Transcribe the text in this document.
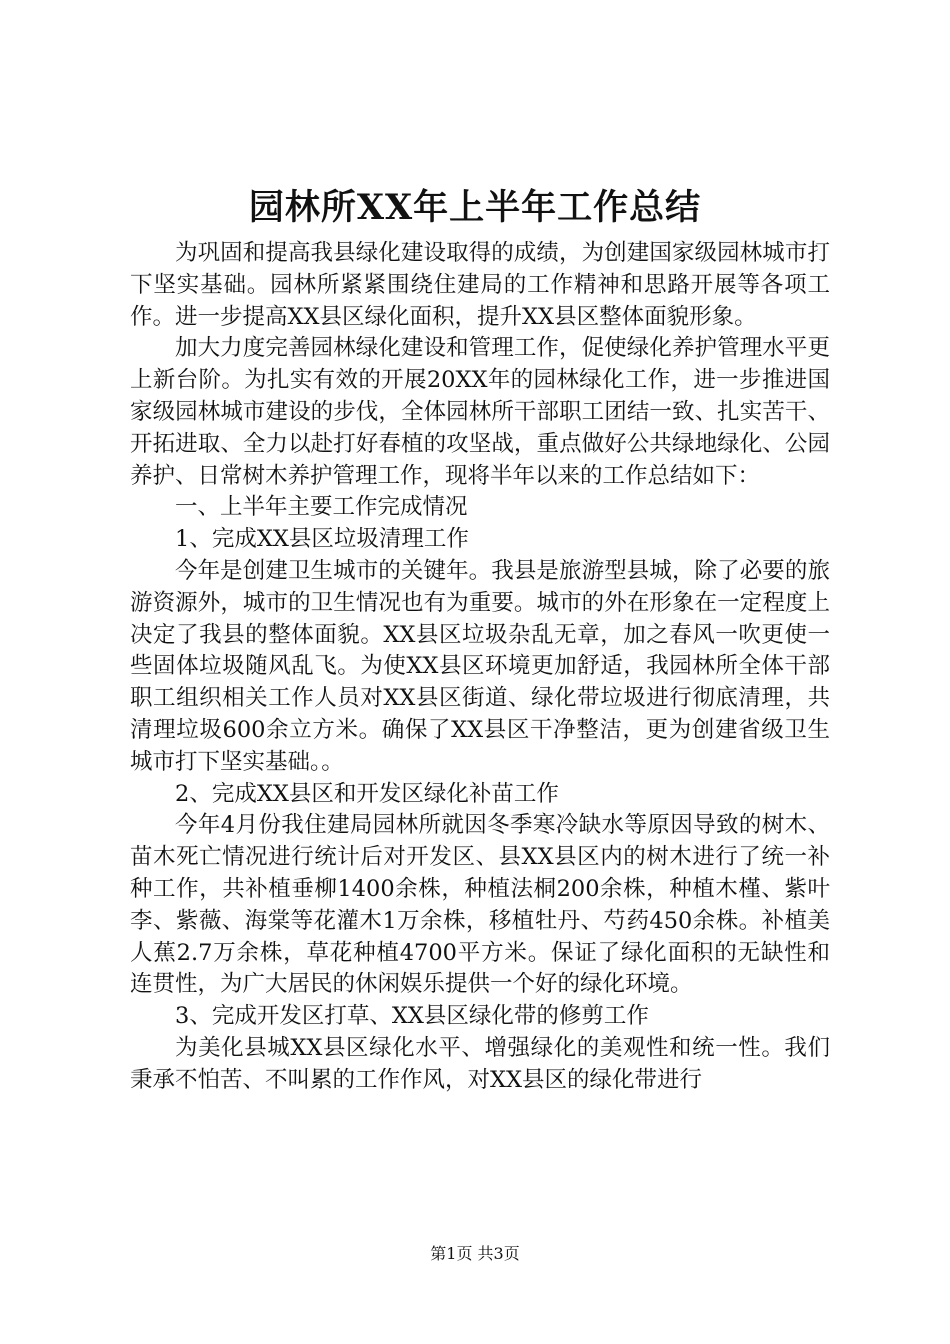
园林所XX年上半年工作总结

为巩固和提高我县绿化建设取得的成绩，为创建国家级园林城市打下坚实基础。园林所紧紧围绕住建局的工作精神和思路开展等各项工作。进一步提高XX县区绿化面积，提升XX县区整体面貌形象。

加大力度完善园林绿化建设和管理工作，促使绿化养护管理水平更上新台阶。为扎实有效的开展20XX年的园林绿化工作，进一步推进国家级园林城市建设的步伐，全体园林所干部职工团结一致、扎实苦干、开拓进取、全力以赴打好春植的攻坚战，重点做好公共绿地绿化、公园养护、日常树木养护管理工作，现将半年以来的工作总结如下：

一、上半年主要工作完成情况

1、完成XX县区垃圾清理工作

今年是创建卫生城市的关键年。我县是旅游型县城，除了必要的旅游资源外，城市的卫生情况也有为重要。城市的外在形象在一定程度上决定了我县的整体面貌。XX县区垃圾杂乱无章，加之春风一吹更使一些固体垃圾随风乱飞。为使XX县区环境更加舒适，我园林所全体干部职工组织相关工作人员对XX县区街道、绿化带垃圾进行彻底清理，共清理垃圾600余立方米。确保了XX县区干净整洁，更为创建省级卫生城市打下坚实基础。。

2、完成XX县区和开发区绿化补苗工作

今年4月份我住建局园林所就因冬季寒冷缺水等原因导致的树木、苗木死亡情况进行统计后对开发区、县XX县区内的树木进行了统一补种工作，共补植垂柳1400余株，种植法桐200余株，种植木槿、紫叶李、紫薇、海棠等花灌木1万余株，移植牡丹、芍药450余株。补植美人蕉2.7万余株，草花种植4700平方米。保证了绿化面积的无缺性和连贯性，为广大居民的休闲娱乐提供一个好的绿化环境。

3、完成开发区打草、XX县区绿化带的修剪工作

为美化县城XX县区绿化水平、增强绿化的美观性和统一性。我们秉承不怕苦、不叫累的工作作风，对XX县区的绿化带进行

第1页 共3页
